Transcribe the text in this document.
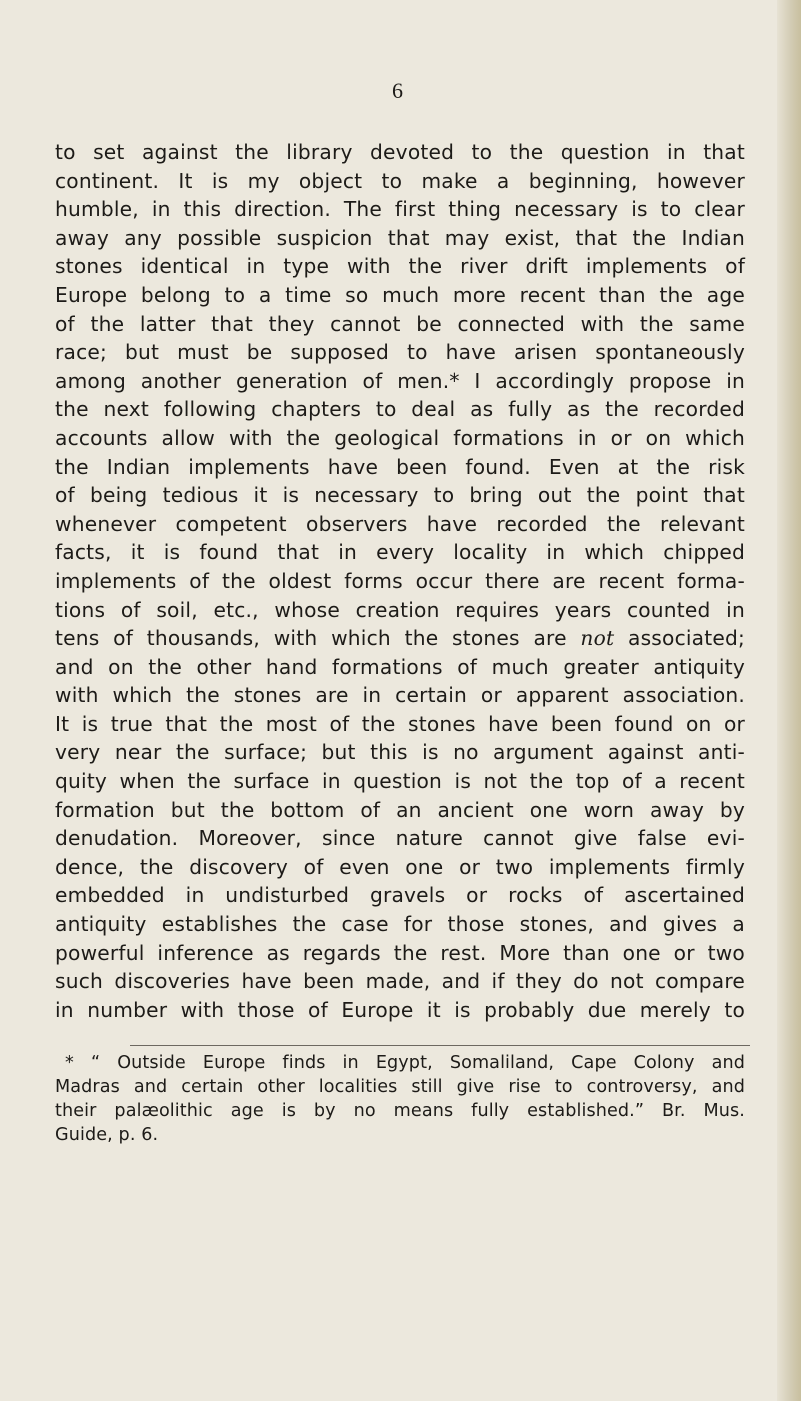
6
to set against the library devoted to the question in that
continent. It is my object to make a beginning, however
humble, in this direction. The first thing necessary is to clear
away any possible suspicion that may exist, that the Indian
stones identical in type with the river drift implements of
Europe belong to a time so much more recent than the age
of the latter that they cannot be connected with the same
race; but must be supposed to have arisen spontaneously
among another generation of men.* I accordingly propose in
the next following chapters to deal as fully as the recorded
accounts allow with the geological formations in or on which
the Indian implements have been found. Even at the risk
of being tedious it is necessary to bring out the point that
whenever competent observers have recorded the relevant
facts, it is found that in every locality in which chipped
implements of the oldest forms occur there are recent forma-
tions of soil, etc., whose creation requires years counted in
tens of thousands, with which the stones are not associated;
and on the other hand formations of much greater antiquity
with which the stones are in certain or apparent association.
It is true that the most of the stones have been found on or
very near the surface; but this is no argument against anti-
quity when the surface in question is not the top of a recent
formation but the bottom of an ancient one worn away by
denudation. Moreover, since nature cannot give false evi-
dence, the discovery of even one or two implements firmly
embedded in undisturbed gravels or rocks of ascertained
antiquity establishes the case for those stones, and gives a
powerful inference as regards the rest. More than one or two
such discoveries have been made, and if they do not compare
in number with those of Europe it is probably due merely to
* “ Outside Europe finds in Egypt, Somaliland, Cape Colony and
Madras and certain other localities still give rise to controversy, and
their palæolithic age is by no means fully established.” Br. Mus.
Guide, p. 6.
